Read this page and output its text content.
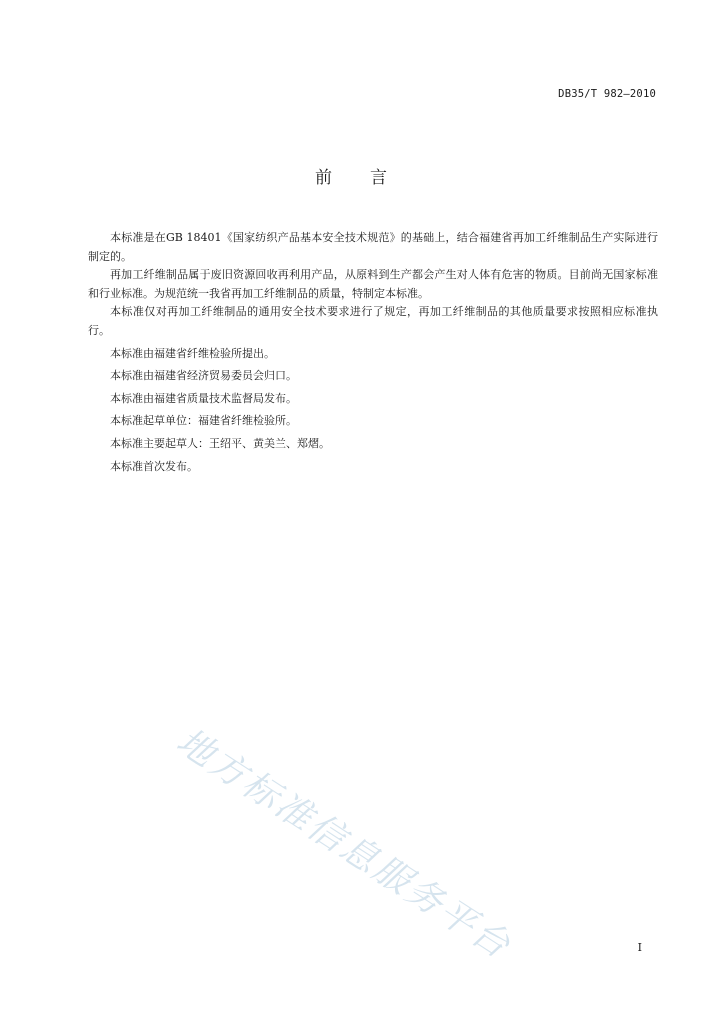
DB35/T 982—2010
前言

本标准是在GB 18401《国家纺织产品基本安全技术规范》的基础上，结合福建省再加工纤维制品生产实际进行制定的。

再加工纤维制品属于废旧资源回收再利用产品，从原料到生产都会产生对人体有危害的物质。目前尚无国家标准和行业标准。为规范统一我省再加工纤维制品的质量，特制定本标准。

本标准仅对再加工纤维制品的通用安全技术要求进行了规定，再加工纤维制品的其他质量要求按照相应标准执行。

本标准由福建省纤维检验所提出。

本标准由福建省经济贸易委员会归口。

本标准由福建省质量技术监督局发布。

本标准起草单位：福建省纤维检验所。

本标准主要起草人：王绍平、黄美兰、郑熠。

本标准首次发布。

地方标准信息服务平台	I
